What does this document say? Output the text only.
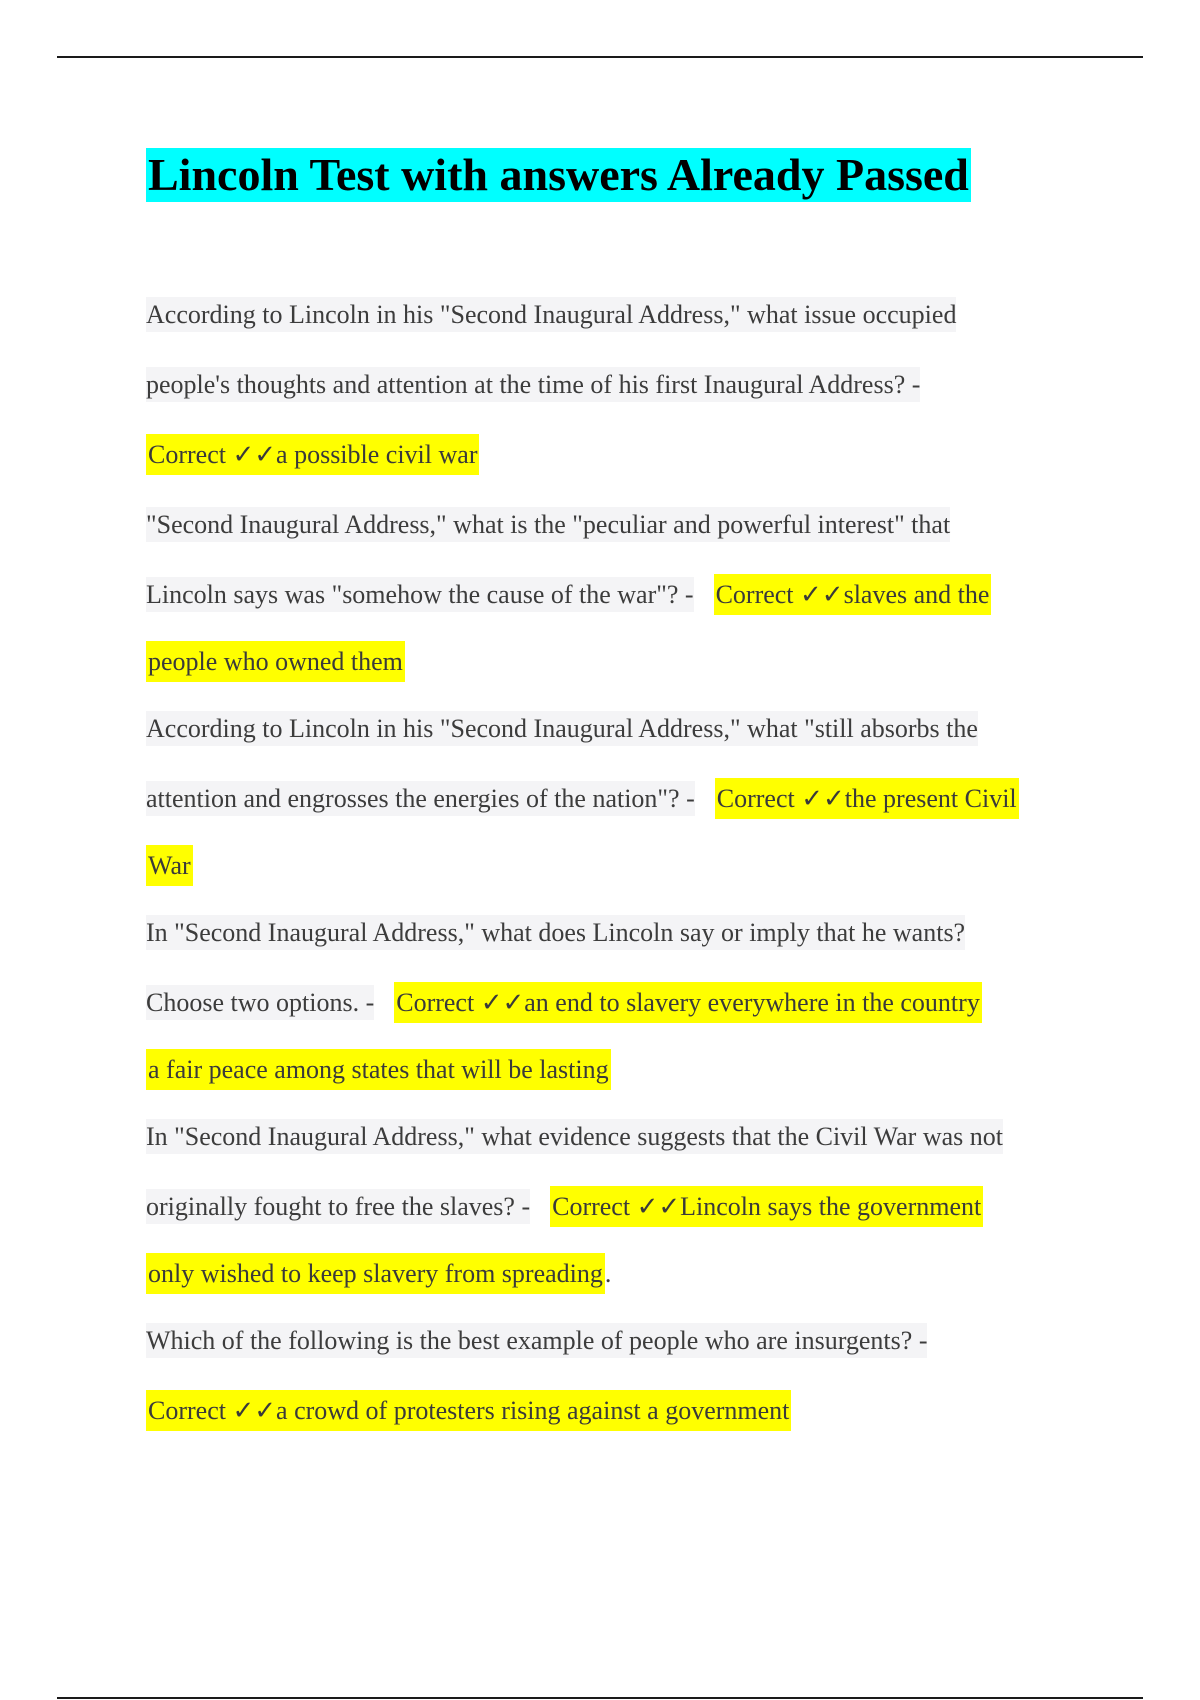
Lincoln Test with answers Already Passed
According to Lincoln in his "Second Inaugural Address," what issue occupied
people's thoughts and attention at the time of his first Inaugural Address? -
Correct ✓✓a possible civil war
"Second Inaugural Address," what is the "peculiar and powerful interest" that
Lincoln says was "somehow the cause of the war"? - Correct ✓✓slaves and the
people who owned them
According to Lincoln in his "Second Inaugural Address," what "still absorbs the
attention and engrosses the energies of the nation"? - Correct ✓✓the present Civil
War
In "Second Inaugural Address," what does Lincoln say or imply that he wants?
Choose two options. - Correct ✓✓an end to slavery everywhere in the country
a fair peace among states that will be lasting
In "Second Inaugural Address," what evidence suggests that the Civil War was not
originally fought to free the slaves? - Correct ✓✓Lincoln says the government
only wished to keep slavery from spreading.
Which of the following is the best example of people who are insurgents? -
Correct ✓✓a crowd of protesters rising against a government
